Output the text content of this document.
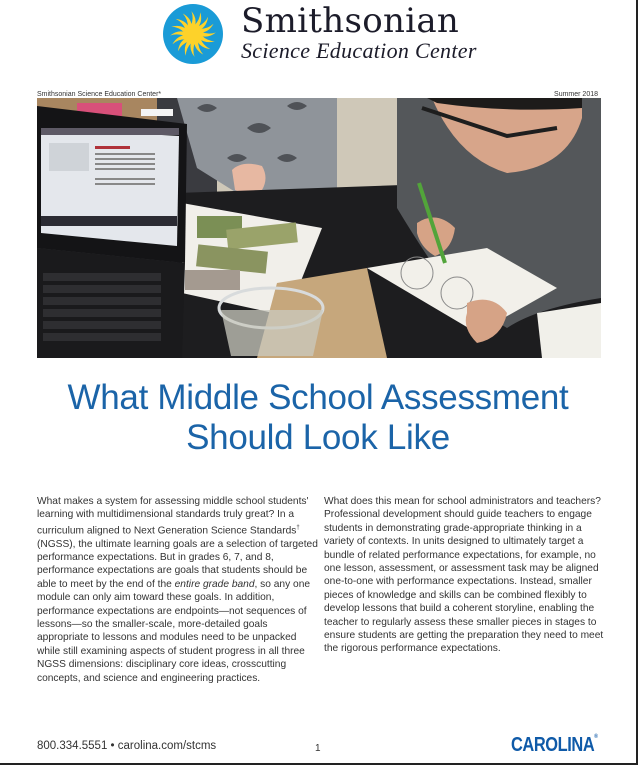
Smithsonian
Science Education Center
Smithsonian Science Education Center*	Summer 2018
What Middle School Assessment
Should Look Like

What makes a system for assessing middle school students' learning with multidimensional standards truly great? In a curriculum aligned to Next Generation Science Standards† (NGSS), the ultimate learning goals are a selection of targeted performance expectations. But in grades 6, 7, and 8, performance expectations are goals that students should be able to meet by the end of the entire grade band, so any one module can only aim toward these goals. In addition, performance expectations are endpoints—not sequences of lessons—so the smaller-scale, more-detailed goals appropriate to lessons and modules need to be unpacked while still examining aspects of student progress in all three NGSS dimensions: disciplinary core ideas, crosscutting concepts, and science and engineering practices.

What does this mean for school administrators and teachers? Professional development should guide teachers to engage students in demonstrating grade-appropriate thinking in a variety of contexts. In units designed to ultimately target a bundle of related performance expectations, for example, no one lesson, assessment, or assessment task may be aligned one-to-one with performance expectations. Instead, smaller pieces of knowledge and skills can be combined flexibly to develop lessons that build a coherent storyline, enabling the teacher to regularly assess these smaller pieces in stages to ensure students are getting the preparation they need to meet the rigorous performance expectations.

800.334.5551 • carolina.com/stcms	1	CAROLINA®
